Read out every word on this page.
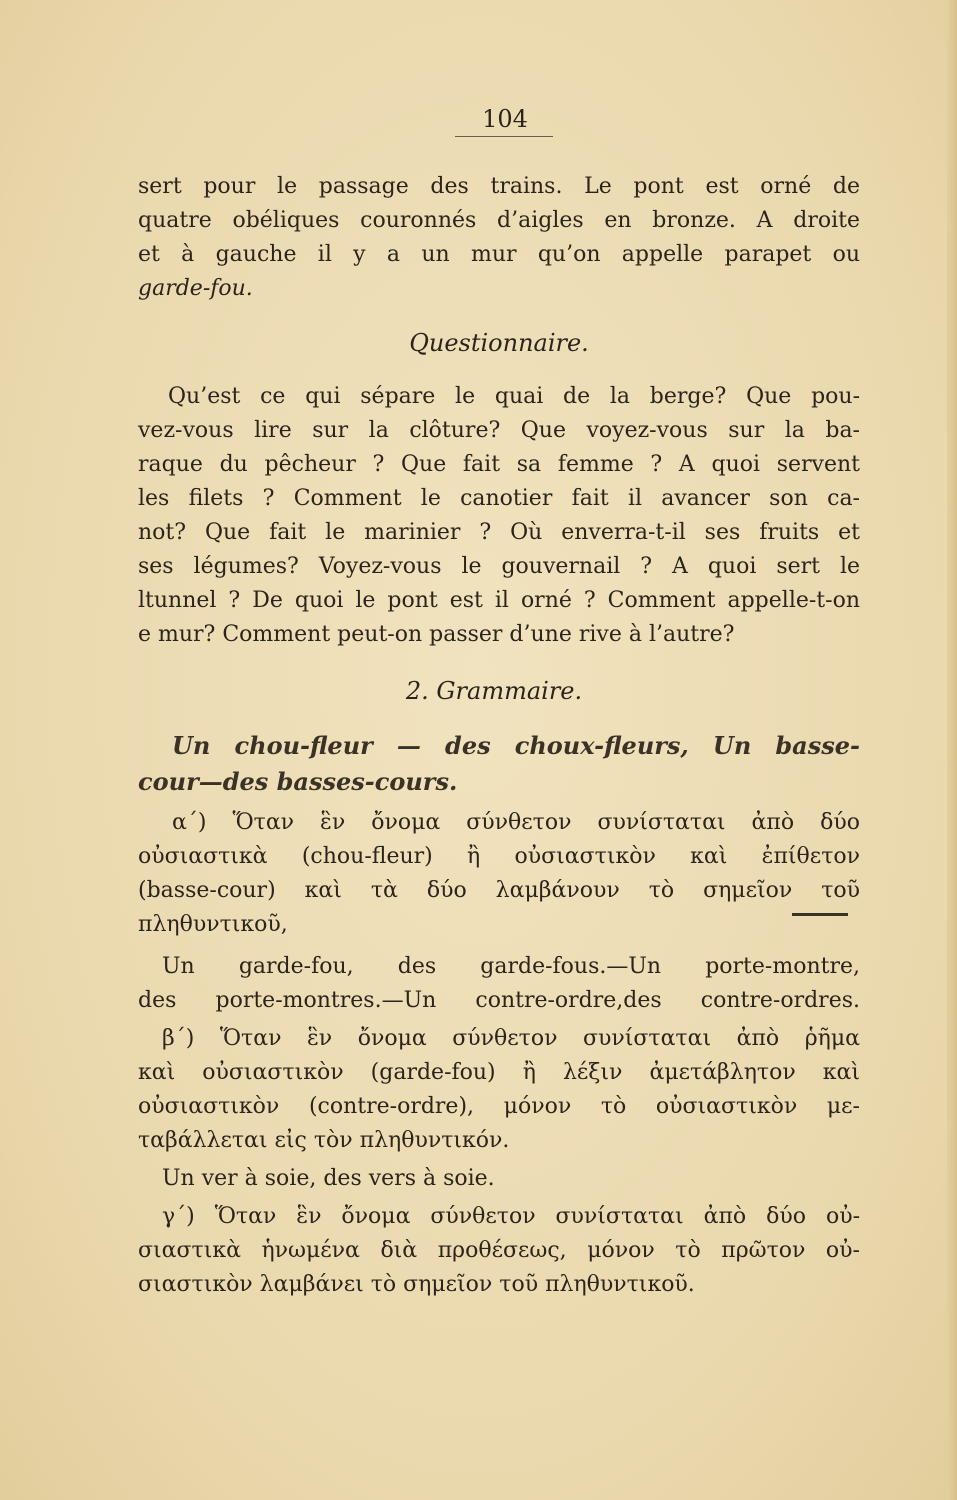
104
sert pour le passage des trains. Le pont est orné de
quatre obéliques couronnés d’aigles en bronze. A droite
et à gauche il y a un mur qu’on appelle parapet ou
garde-fou.

Questionnaire.

Qu’est ce qui sépare le quai de la berge? Que pou-
vez-vous lire sur la clôture? Que voyez-vous sur la ba-
raque du pêcheur ? Que fait sa femme ? A quoi servent
les filets ? Comment le canotier fait il avancer son ca-
not? Que fait le marinier ? Où enverra-t-il ses fruits et
ses légumes? Voyez-vous le gouvernail ? A quoi sert le
ltunnel ? De quoi le pont est il orné ? Comment appelle-t-on
e mur? Comment peut-on passer d’une rive à l’autre?

2. Grammaire.

Un chou-fleur — des choux-fleurs, Un basse-
cour—des basses-cours.
α΄) Ὅταν ἓν ὄνομα σύνθετον συνίσταται ἀπὸ δύο
οὐσιαστικὰ (chou-fleur) ἢ οὐσιαστικὸν καὶ ἐπίθετον
(basse-cour) καὶ τὰ δύο λαμβάνουν τὸ σημεῖον τοῦ
πληθυντικοῦ,
Un garde-fou, des garde-fous.—Un porte-montre,
des porte-montres.—Un contre-ordre,des contre-ordres.
β΄) Ὅταν ἓν ὄνομα σύνθετον συνίσταται ἀπὸ ῥῆμα
καὶ οὐσιαστικὸν (garde-fou) ἢ λέξιν ἀμετάβλητον καὶ
οὐσιαστικὸν (contre-ordre), μόνον τὸ οὐσιαστικὸν με-
ταβάλλεται εἰς τὸν πληθυντικόν.
Un ver à soie, des vers à soie.
γ΄) Ὅταν ἓν ὄνομα σύνθετον συνίσταται ἀπὸ δύο οὐ-
σιαστικὰ ἡνωμένα διὰ προθέσεως, μόνον τὸ πρῶτον οὐ-
σιαστικὸν λαμβάνει τὸ σημεῖον τοῦ πληθυντικοῦ.
